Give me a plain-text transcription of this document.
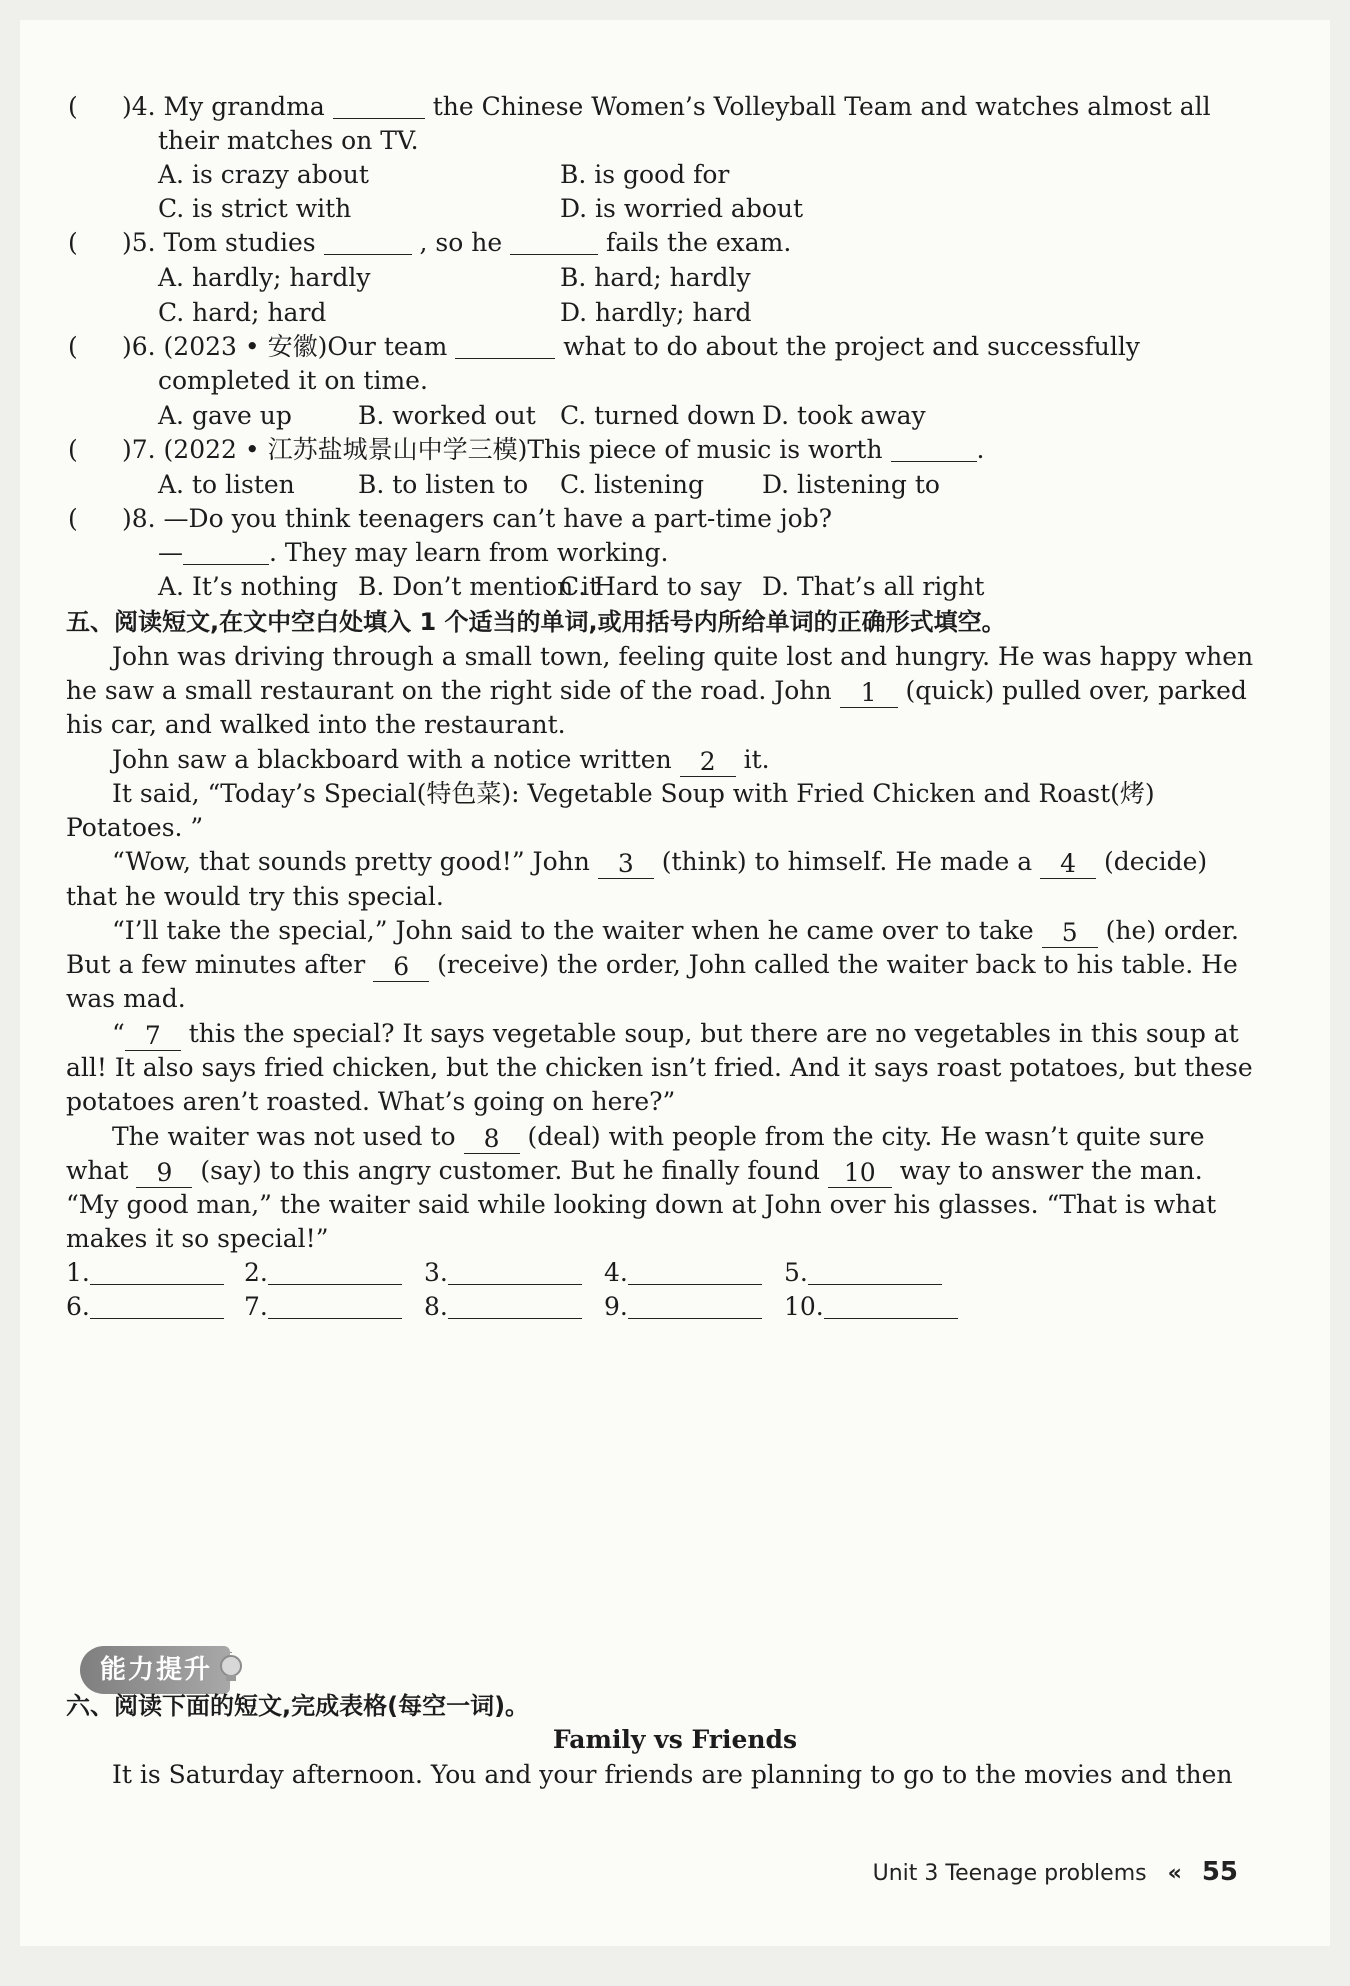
( )4. My grandma	the Chinese Women’s Volleyball Team and watches almost all
their matches on TV.
A. is crazy about	B. is good for
C. is strict with	D. is worried about
( )5. Tom studies	, so he	fails the exam.
A. hardly; hardly	B. hard; hardly
C. hard; hard	D. hardly; hard
( )6. (2023 • 安徽)Our team	what to do about the project and successfully
completed it on time.
A. gave up	B. worked out C. turned down D. took away
( )7. (2022 • 江苏盐城景山中学三模)This piece of music is worth	.
A. to listen	B. to listen to C. listening D. listening to
( )8. —Do you think teenagers can’t have a part-time job?
—	. They may learn from working.
A. It’s nothing B. Don’t mention it
C. Hard to say D. That’s all right
五、阅读短文,在文中空白处填入 1 个适当的单词,或用括号内所给单词的正确形式填空。
John was driving through a small town, feeling quite lost and hungry. He was happy when
he saw a small restaurant on the right side of the road. John 1 (quick) pulled over, parked
his car, and walked into the restaurant.
John saw a blackboard with a notice written 2 it.
It said, “Today’s Special(特色菜): Vegetable Soup with Fried Chicken and Roast(烤)
Potatoes. ”
“Wow, that sounds pretty good!” John 3 (think) to himself. He made a 4 (decide)
that he would try this special.
“I’ll take the special,” John said to the waiter when he came over to take 5 (he) order.
But a few minutes after 6 (receive) the order, John called the waiter back to his table. He
was mad.
“ 7 this the special? It says vegetable soup, but there are no vegetables in this soup at
all! It also says fried chicken, but the chicken isn’t fried. And it says roast potatoes, but these
potatoes aren’t roasted. What’s going on here?”
The waiter was not used to 8 (deal) with people from the city. He wasn’t quite sure
what 9 (say) to this angry customer. But he finally found 10 way to answer the man.
“My good man,” the waiter said while looking down at John over his glasses. “That is what
makes it so special!”
1.	2.	3.	4.	5.
6.	7.	8.	9.	10.
能力提升
六、阅读下面的短文,完成表格(每空一词)。
Family vs Friends
It is Saturday afternoon. You and your friends are planning to go to the movies and then
Unit 3 Teenage problems « 55
